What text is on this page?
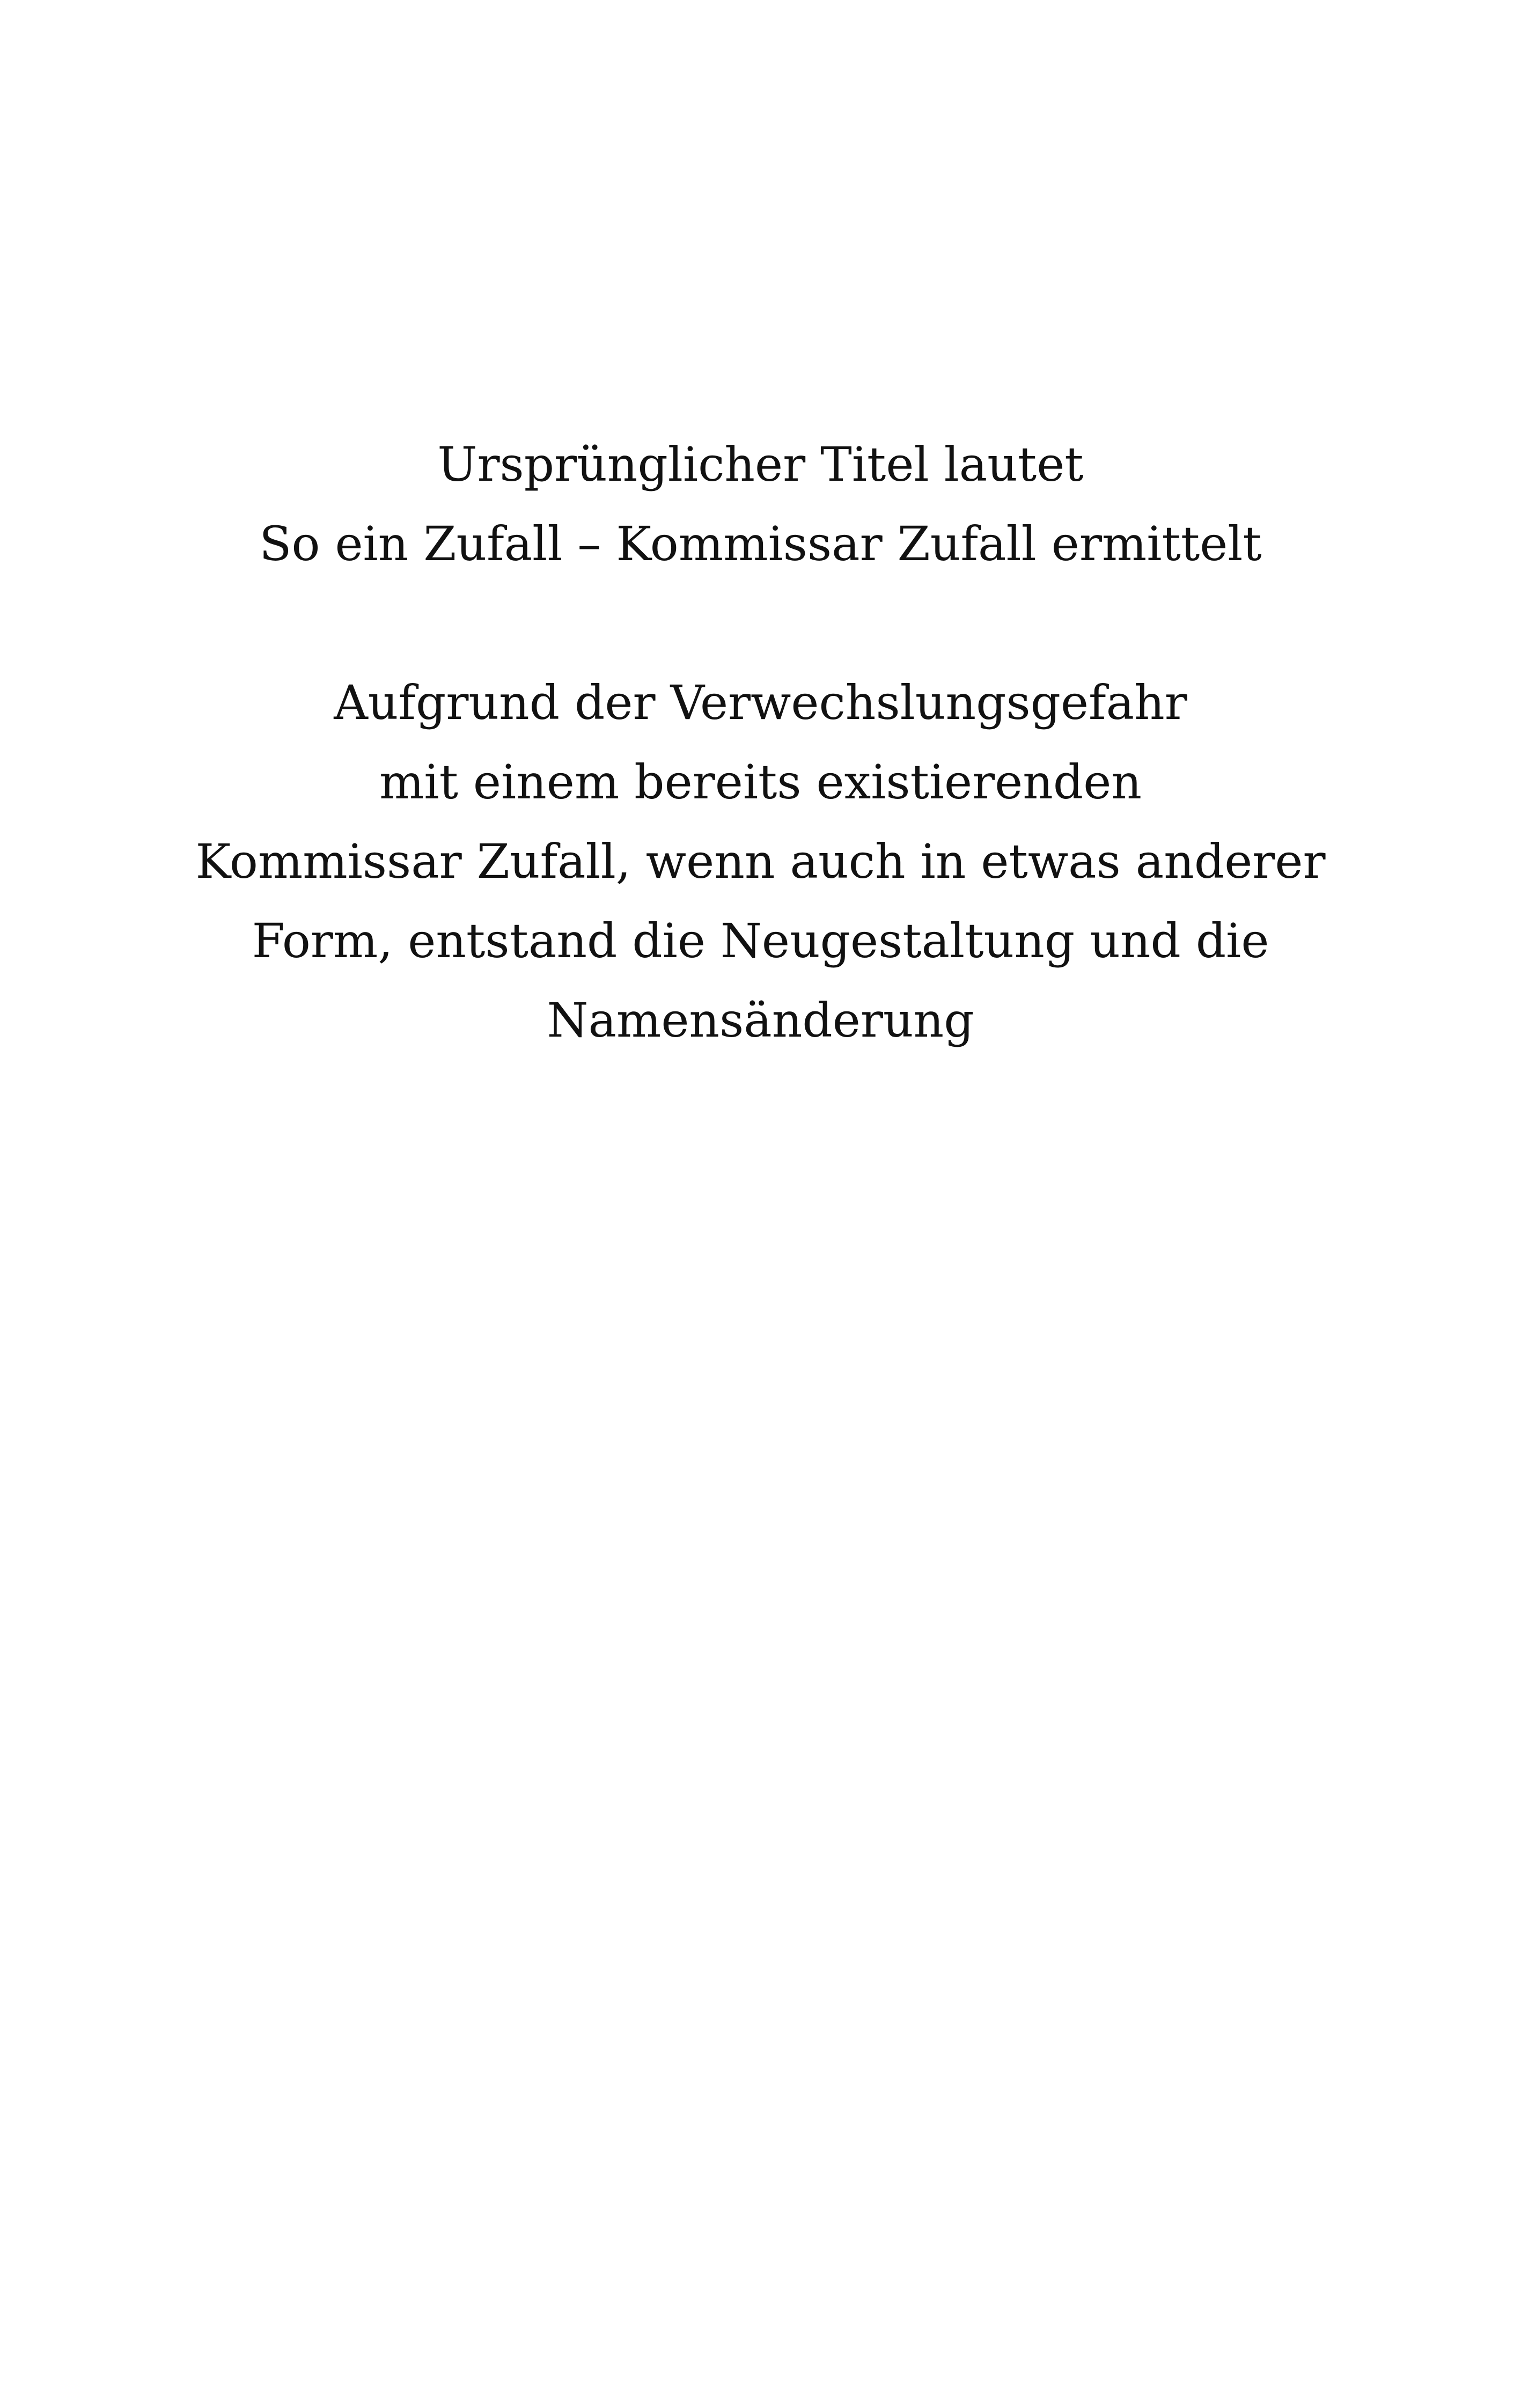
Ursprünglicher Titel lautet
So ein Zufall – Kommissar Zufall ermittelt
Aufgrund der Verwechslungsgefahr
mit einem bereits existierenden
Kommissar Zufall, wenn auch in etwas anderer
Form, entstand die Neugestaltung und die
Namensänderung
